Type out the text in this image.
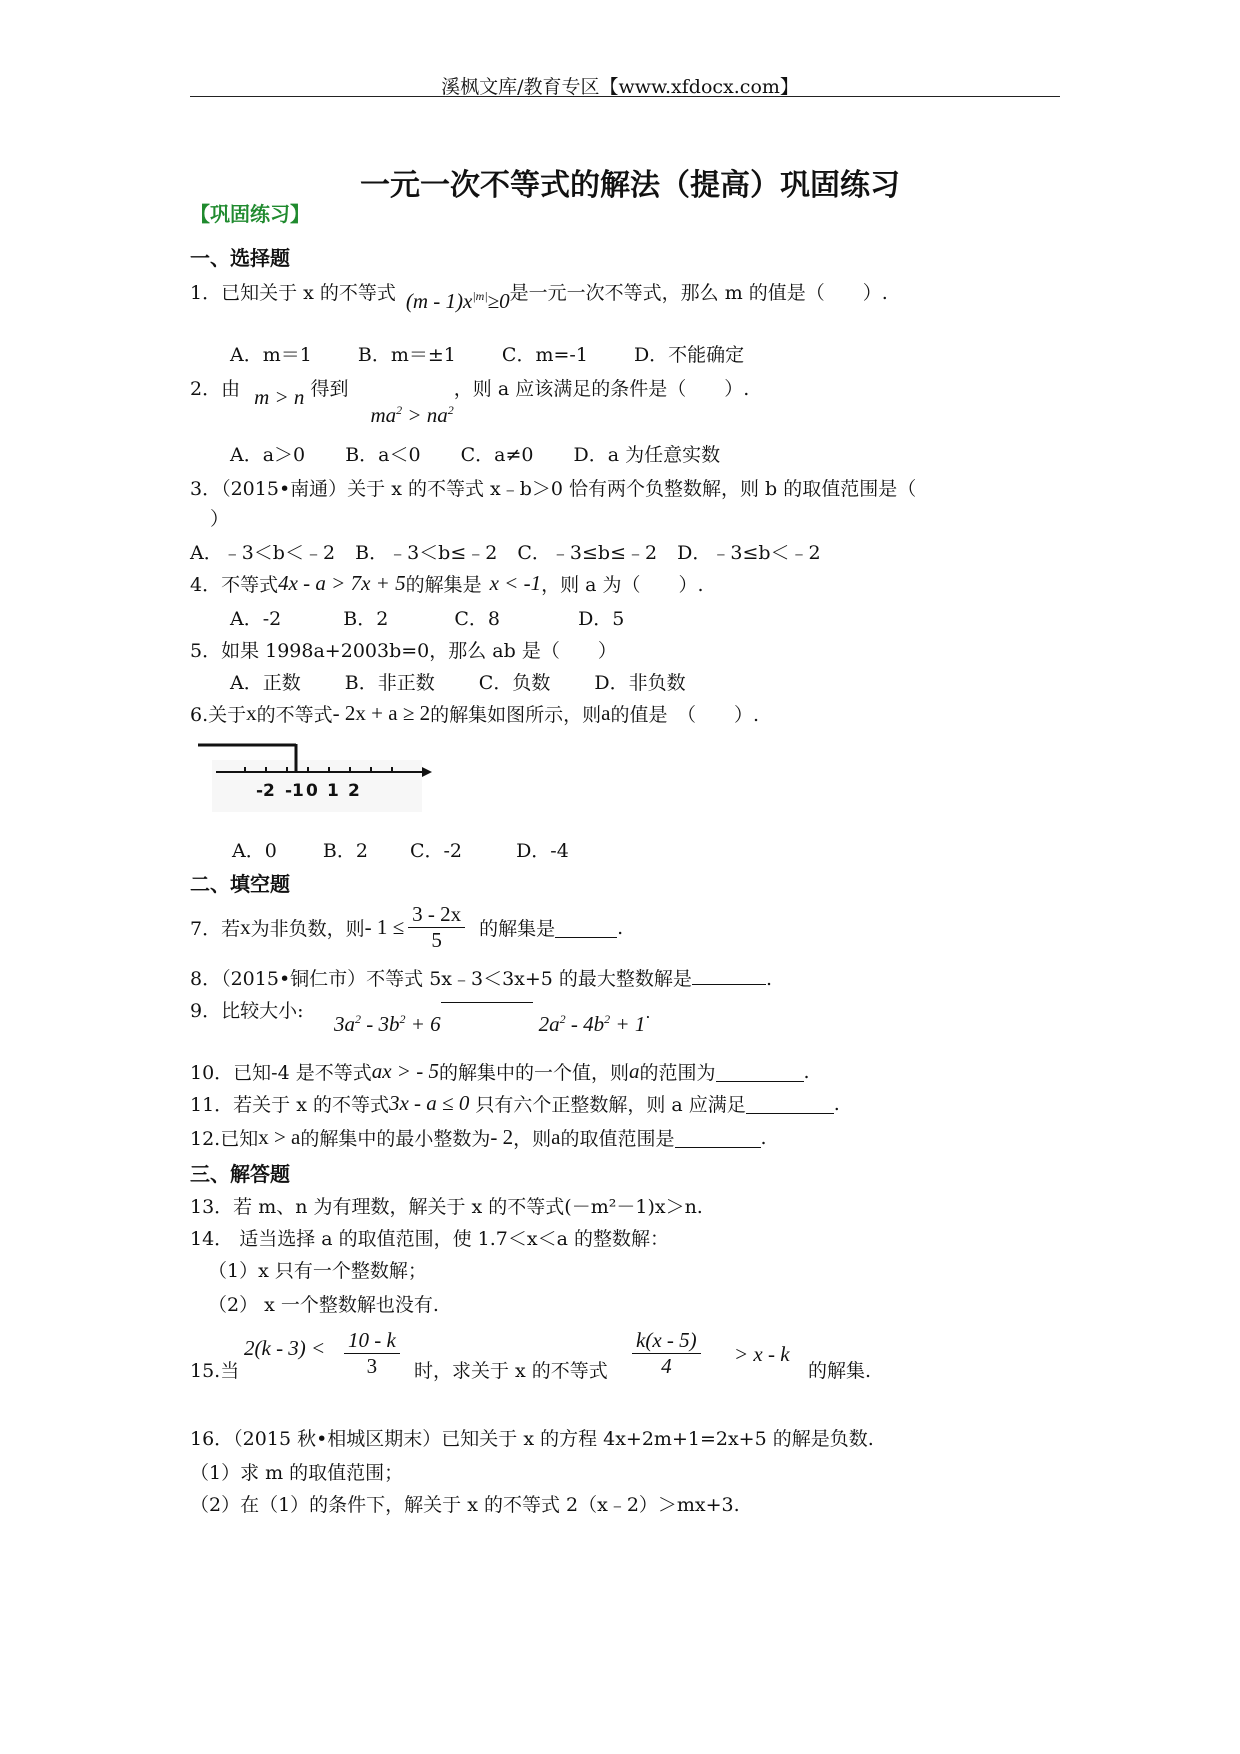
溪枫文库/教育专区【www.xfdocx.com】
一元一次不等式的解法（提高）巩固练习
【巩固练习】
一、选择题
1．已知关于 x 的不等式 $(m - 1)x^{|m|}\ge 0$ 是一元一次不等式，那么 m 的值是（　　）.
A．m＝1 B．m＝±1 C．m=-1 D．不能确定
2．由 m > n 得到
$ma^2 > na^2$
，则 a 应该满足的条件是（　　）.
A．a＞0 B．a＜0 C．a≠0 D．a 为任意实数
3．（2015•南通）关于 x 的不等式 x﹣b＞0 恰有两个负整数解，则 b 的取值范围是（
）
A．﹣3＜b＜﹣2 B．﹣3＜b≤﹣2 C．﹣3≤b≤﹣2 D．﹣3≤b＜﹣2
4．不等式 4x - a > 7x + 5 的解集是 x < -1 ，则 a 为（　　）.
A．-2	B．2	C．8	D．5
5．如果 1998a+2003b=0，那么 ab 是（　　）
A．正数 B．非正数 C．负数 D．非负数
6.关于 x 的不等式 - 2x + a ≥ 2 的解集如图所示，则 a 的值是　（　　）.
-2 -1 0 1 2
A．0 B．2 C．-2	D．-4
二、填空题
7．若 x 为非负数，则 - $1 \le \frac{3 - 2x}{5}$ 的解集是	.
8．（2015•铜仁市）不等式 5x﹣3＜3x+5 的最大整数解是	.
9．比较大小:
$3a^2 - 3b^2 + 6$	$2a^2 - 4b^2 + 1$ .
10．已知-4 是不等式 ax > - 5 的解集中的一个值，则 a 的范围为	.
11．若关于 x 的不等式 3x - a ≤ 0 只有六个正整数解，则 a 应满足	.
12.已知 x > a 的解集中的最小整数为 - 2 ，则 a 的取值范围是	.
三、解答题
13．若 m、n 为有理数，解关于 x 的不等式(－m²－1)x＞n.
14． 适当选择 a 的取值范围，使 1.7＜x＜a 的整数解：
（1）x 只有一个整数解；
（2） x 一个整数解也没有.
15.当
$2(k - 3) < \frac{10 - k}{3}$ 时，求关于 x 的不等式 $\frac{k(x - 5)}{4} > x - k$
的解集.
16．（2015 秋•相城区期末）已知关于 x 的方程 4x+2m+1=2x+5 的解是负数.
（1）求 m 的取值范围；
（2）在（1）的条件下，解关于 x 的不等式 2（x﹣2）＞mx+3.
